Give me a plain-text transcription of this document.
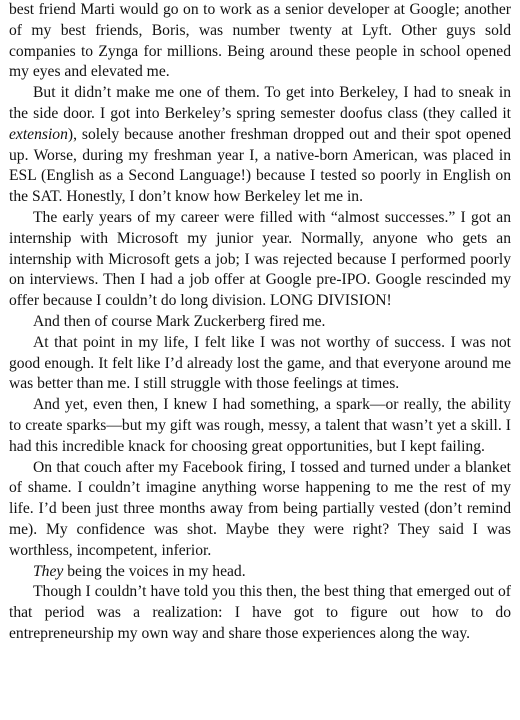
best friend Marti would go on to work as a senior developer at Google; another of my best friends, Boris, was number twenty at Lyft. Other guys sold companies to Zynga for millions. Being around these people in school opened my eyes and elevated me.

But it didn’t make me one of them. To get into Berkeley, I had to sneak in the side door. I got into Berkeley’s spring semester doofus class (they called it extension), solely because another freshman dropped out and their spot opened up. Worse, during my freshman year I, a native-born American, was placed in ESL (English as a Second Language!) because I tested so poorly in English on the SAT. Honestly, I don’t know how Berkeley let me in.

The early years of my career were filled with “almost successes.” I got an internship with Microsoft my junior year. Normally, anyone who gets an internship with Microsoft gets a job; I was rejected because I performed poorly on interviews. Then I had a job offer at Google pre-IPO. Google rescinded my offer because I couldn’t do long division. LONG DIVISION!

And then of course Mark Zuckerberg fired me.

At that point in my life, I felt like I was not worthy of success. I was not good enough. It felt like I’d already lost the game, and that everyone around me was better than me. I still struggle with those feelings at times.

And yet, even then, I knew I had something, a spark—or really, the ability to create sparks—but my gift was rough, messy, a talent that wasn’t yet a skill. I had this incredible knack for choosing great opportunities, but I kept failing.

On that couch after my Facebook firing, I tossed and turned under a blanket of shame. I couldn’t imagine anything worse happening to me the rest of my life. I’d been just three months away from being partially vested (don’t remind me). My confidence was shot. Maybe they were right? They said I was worthless, incompetent, inferior.

They being the voices in my head.

Though I couldn’t have told you this then, the best thing that emerged out of that period was a realization: I have got to figure out how to do entrepreneurship my own way and share those experiences along the way.
